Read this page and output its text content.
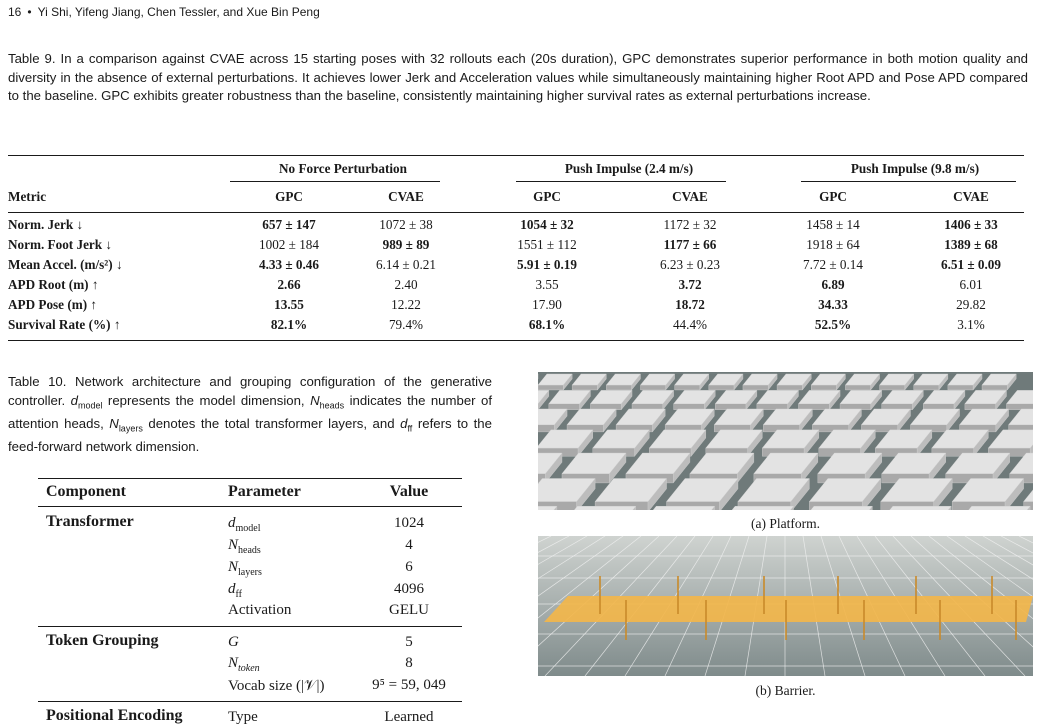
16 • Yi Shi, Yifeng Jiang, Chen Tessler, and Xue Bin Peng
Table 9. In a comparison against CVAE across 15 starting poses with 32 rollouts each (20s duration), GPC demonstrates superior performance in both motion quality and diversity in the absence of external perturbations. It achieves lower Jerk and Acceleration values while simultaneously maintaining higher Root APD and Pose APD compared to the baseline. GPC exhibits greater robustness than the baseline, consistently maintaining higher survival rates as external perturbations increase.
No Force Perturbation	Push Impulse (2.4 m/s)	Push Impulse (9.8 m/s)
Metric	GPC	CVAE	GPC	CVAE	GPC	CVAE
Norm. Jerk ↓	657 ± 147	1072 ± 38	1054 ± 32	1172 ± 32	1458 ± 14	1406 ± 33
Norm. Foot Jerk ↓	1002 ± 184	989 ± 89	1551 ± 112	1177 ± 66	1918 ± 64	1389 ± 68
Mean Accel. (m/s²) ↓	4.33 ± 0.46	6.14 ± 0.21	5.91 ± 0.19	6.23 ± 0.23	7.72 ± 0.14	6.51 ± 0.09
APD Root (m) ↑	2.66	2.40	3.55	3.72	6.89	6.01
APD Pose (m) ↑	13.55	12.22	17.90	18.72	34.33	29.82
Survival Rate (%) ↑	82.1%	79.4%	68.1%	44.4%	52.5%	3.1%
Table 10. Network architecture and grouping configuration of the generative controller. $d_{model}$ represents the model dimension, $N_{heads}$ indicates the number of attention heads, $N_{layers}$ denotes the total transformer layers, and $d_{ff}$ refers to the feed-forward network dimension.
Component	Parameter	Value
Transformer	$d_{model}$	1024
$N_{heads}$	4
$N_{layers}$	6
$d_{ff}$	4096
Activation	GELU
Token Grouping	G	5
$N_{token}$	8
Vocab size (|𝒱|)	9⁵ = 59, 049
Positional Encoding	Type	Learned
(a) Platform.
(b) Barrier.
